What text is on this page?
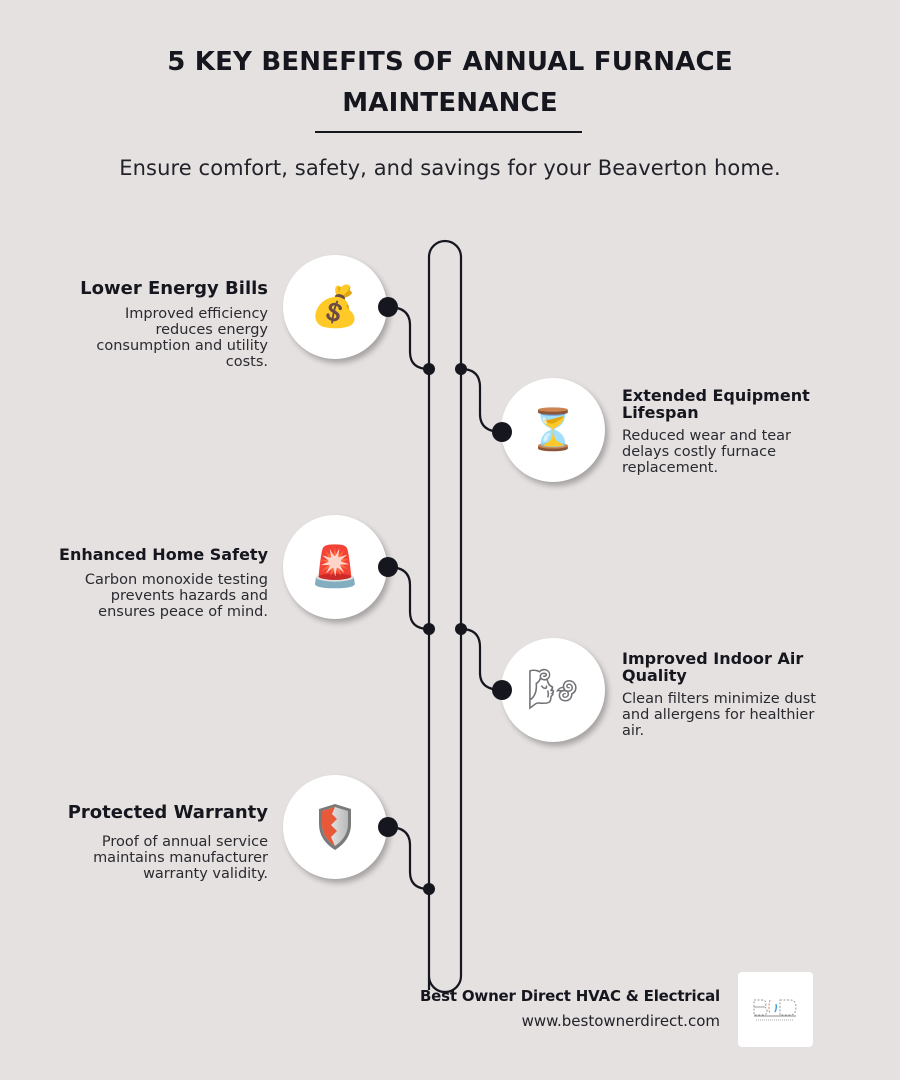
5 KEY BENEFITS OF ANNUAL FURNACE
MAINTENANCE
Ensure comfort, safety, and savings for your Beaverton home.
Lower Energy Bills
Improved efficiency
reduces energy
consumption and utility
costs.
💰
Extended Equipment
Lifespan
Reduced wear and tear
delays costly furnace
replacement.
⏳
Enhanced Home Safety
Carbon monoxide testing
prevents hazards and
ensures peace of mind.
🚨
Improved Indoor Air
Quality
Clean filters minimize dust
and allergens for healthier
air.
🌬
Protected Warranty
Proof of annual service
maintains manufacturer
warranty validity.
Best Owner Direct HVAC & Electrical
www.bestownerdirect.com
